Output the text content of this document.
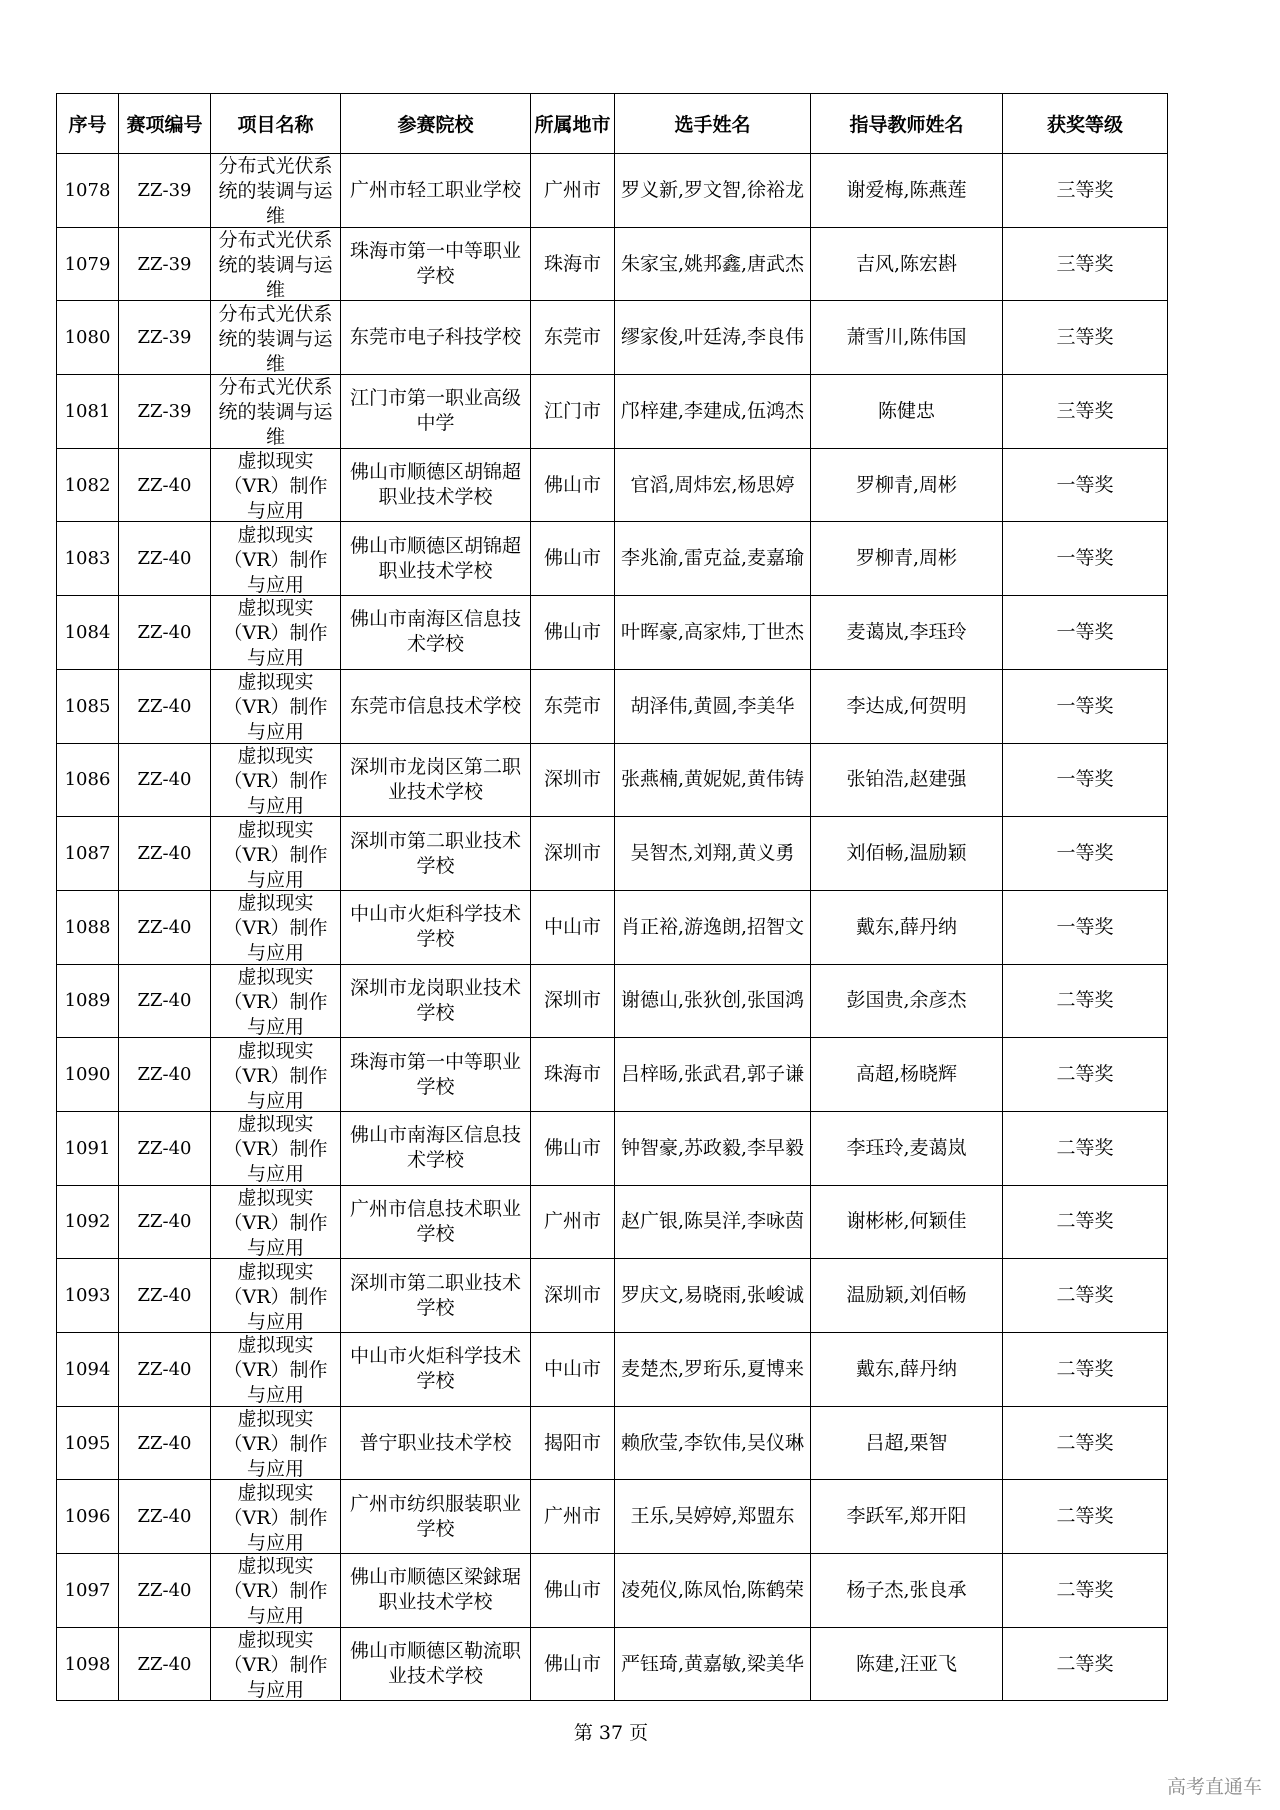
序号	赛项编号	项目名称	参赛院校	所属地市	选手姓名	指导教师姓名	获奖等级
1078	ZZ-39	分布式光伏系统的装调与运维	广州市轻工职业学校	广州市	罗义新,罗文智,徐裕龙	谢爱梅,陈燕莲	三等奖
1079	ZZ-39	分布式光伏系统的装调与运维	珠海市第一中等职业学校	珠海市	朱家宝,姚邦鑫,唐武杰	吉风,陈宏斟	三等奖
1080	ZZ-39	分布式光伏系统的装调与运维	东莞市电子科技学校	东莞市	缪家俊,叶廷涛,李良伟	萧雪川,陈伟国	三等奖
1081	ZZ-39	分布式光伏系统的装调与运维	江门市第一职业高级中学	江门市	邝梓建,李建成,伍鸿杰	陈健忠	三等奖
1082	ZZ-40	虚拟现实（VR）制作与应用	佛山市顺德区胡锦超职业技术学校	佛山市	官滔,周炜宏,杨思婷	罗柳青,周彬	一等奖
1083	ZZ-40	虚拟现实（VR）制作与应用	佛山市顺德区胡锦超职业技术学校	佛山市	李兆渝,雷克益,麦嘉瑜	罗柳青,周彬	一等奖
1084	ZZ-40	虚拟现实（VR）制作与应用	佛山市南海区信息技术学校	佛山市	叶晖豪,高家炜,丁世杰	麦蔼岚,李珏玲	一等奖
1085	ZZ-40	虚拟现实（VR）制作与应用	东莞市信息技术学校	东莞市	胡泽伟,黄圆,李美华	李达成,何贺明	一等奖
1086	ZZ-40	虚拟现实（VR）制作与应用	深圳市龙岗区第二职业技术学校	深圳市	张燕楠,黄妮妮,黄伟铸	张铂浩,赵建强	一等奖
1087	ZZ-40	虚拟现实（VR）制作与应用	深圳市第二职业技术学校	深圳市	吴智杰,刘翔,黄义勇	刘佰畅,温励颖	一等奖
1088	ZZ-40	虚拟现实（VR）制作与应用	中山市火炬科学技术学校	中山市	肖正裕,游逸朗,招智文	戴东,薛丹纳	一等奖
1089	ZZ-40	虚拟现实（VR）制作与应用	深圳市龙岗职业技术学校	深圳市	谢德山,张狄创,张国鸿	彭国贵,余彦杰	二等奖
1090	ZZ-40	虚拟现实（VR）制作与应用	珠海市第一中等职业学校	珠海市	吕梓旸,张武君,郭子谦	高超,杨晓辉	二等奖
1091	ZZ-40	虚拟现实（VR）制作与应用	佛山市南海区信息技术学校	佛山市	钟智豪,苏政毅,李早毅	李珏玲,麦蔼岚	二等奖
1092	ZZ-40	虚拟现实（VR）制作与应用	广州市信息技术职业学校	广州市	赵广银,陈昊洋,李咏茵	谢彬彬,何颖佳	二等奖
1093	ZZ-40	虚拟现实（VR）制作与应用	深圳市第二职业技术学校	深圳市	罗庆文,易晓雨,张峻诚	温励颖,刘佰畅	二等奖
1094	ZZ-40	虚拟现实（VR）制作与应用	中山市火炬科学技术学校	中山市	麦楚杰,罗珩乐,夏博来	戴东,薛丹纳	二等奖
1095	ZZ-40	虚拟现实（VR）制作与应用	普宁职业技术学校	揭阳市	赖欣莹,李钦伟,吴仪琳	吕超,栗智	二等奖
1096	ZZ-40	虚拟现实（VR）制作与应用	广州市纺织服装职业学校	广州市	王乐,吴婷婷,郑盟东	李跃军,郑开阳	二等奖
1097	ZZ-40	虚拟现实（VR）制作与应用	佛山市顺德区梁銶琚职业技术学校	佛山市	凌苑仪,陈凤怡,陈鹤荣	杨子杰,张良承	二等奖
1098	ZZ-40	虚拟现实（VR）制作与应用	佛山市顺德区勒流职业技术学校	佛山市	严钰琦,黄嘉敏,梁美华	陈建,汪亚飞	二等奖
第 37 页
高考直通车
